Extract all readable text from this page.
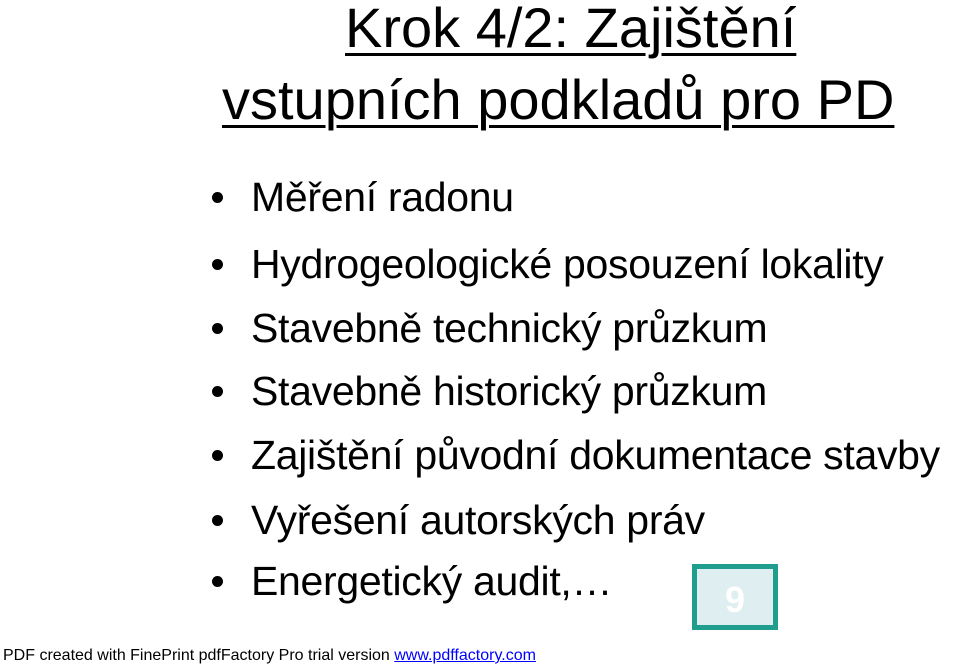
Krok 4/2: Zajištění
vstupních podkladů pro PD
Měření radonu
Hydrogeologické posouzení lokality
Stavebně technický průzkum
Stavebně historický průzkum
Zajištění původní dokumentace stavby
Vyřešení autorských práv
Energetický audit,…	9
PDF created with FinePrint pdfFactory Pro trial version www.pdffactory.com
